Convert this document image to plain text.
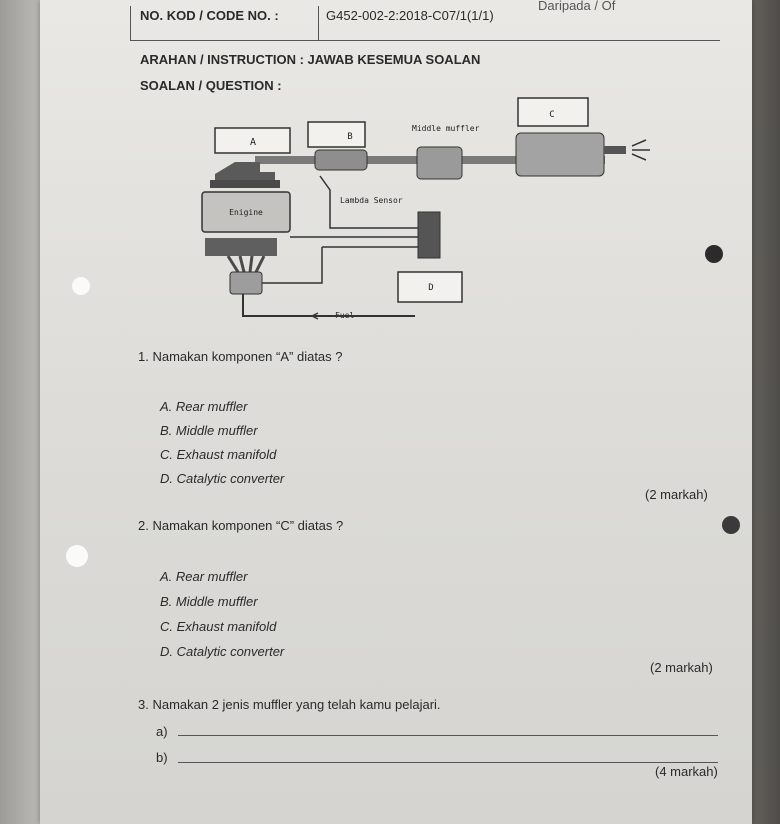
NO. KOD / CODE NO. :	G452-002-2:2018-C07/1(1/1)
Daripada / Of
ARAHAN / INSTRUCTION : JAWAB KESEMUA SOALAN
SOALAN / QUESTION :
A	B
C
D
Middle muffler
Lambda Sensor
Fuel
Enigine
1. Namakan komponen “A” diatas ?
A. Rear muffler
B. Middle muffler
C. Exhaust manifold
D. Catalytic converter
(2 markah)
2. Namakan komponen “C” diatas ?
A. Rear muffler
B. Middle muffler
C. Exhaust manifold
D. Catalytic converter
(2 markah)
3. Namakan 2 jenis muffler yang telah kamu pelajari.
a)
b)
(4 markah)
